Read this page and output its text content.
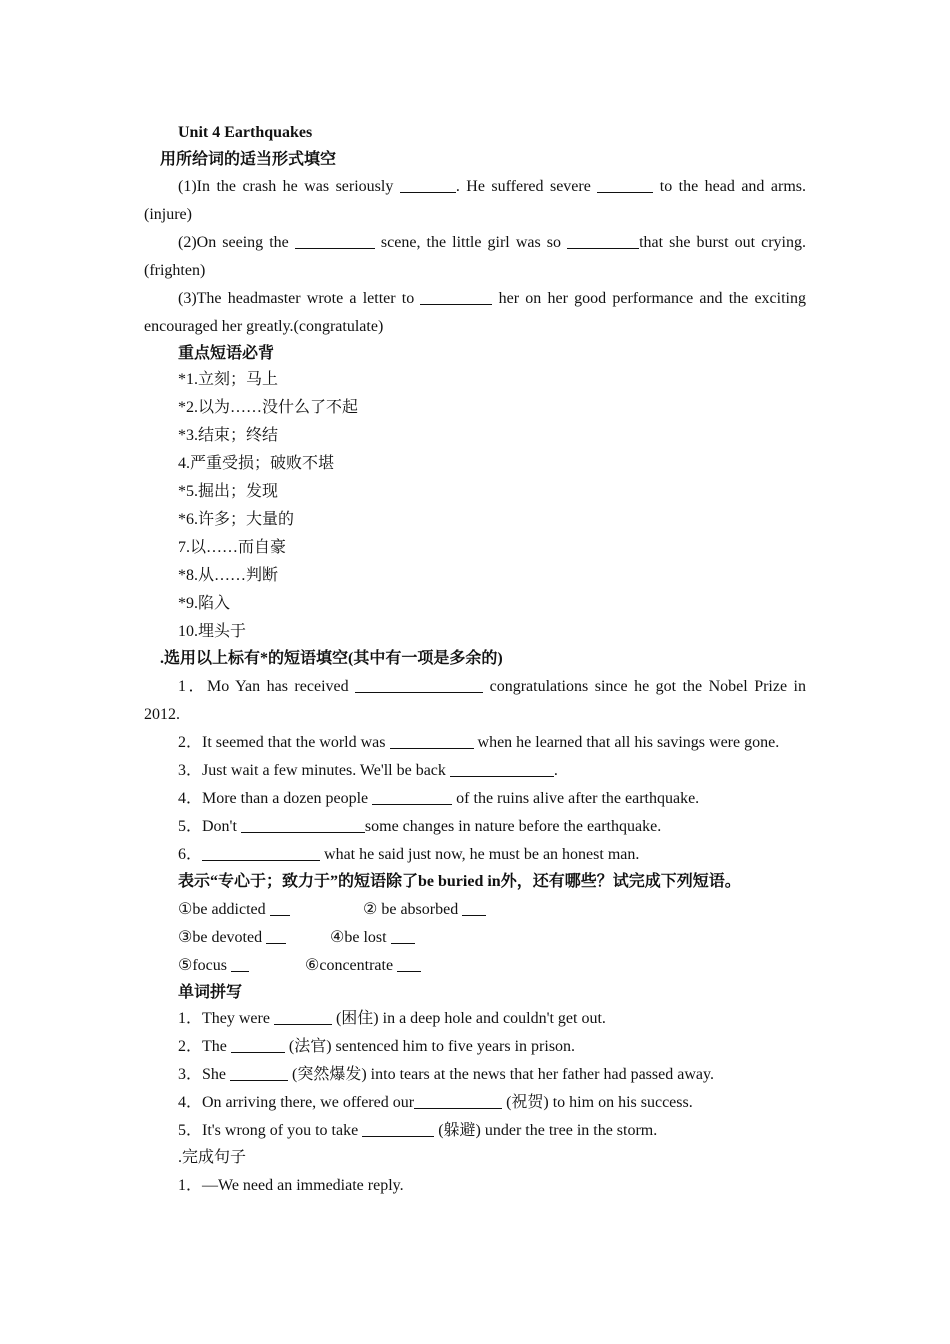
Unit 4 Earthquakes
用所给词的适当形式填空
(1)In the crash he was seriously	. He suffered severe	to the head and arms.
(injure)
(2)On seeing the	scene, the little girl was so	that she burst out crying.
(frighten)
(3)The headmaster wrote a letter to	her on her good performance and the exciting
encouraged her greatly.(congratulate)
重点短语必背
*1.立刻；马上
*2.以为……没什么了不起
*3.结束；终结
4.严重受损；破败不堪
*5.掘出；发现
*6.许多；大量的
7.以……而自豪
*8.从……判断
*9.陷入
10.埋头于
.选用以上标有*的短语填空(其中有一项是多余的)
1．Mo Yan has received	congratulations since he got the Nobel Prize in
2012.
2．It seemed that the world was	when he learned that all his savings were gone.
3．Just wait a few minutes. We'll be back	.
4．More than a dozen people	of the ruins alive after the earthquake.
5．Don't	some changes in nature before the earthquake.
6．	what he said just now, he must be an honest man.
表示“专心于；致力于”的短语除了be buried in外，还有哪些？试完成下列短语。
①be addicted	② be absorbed
③be devoted	④be lost
⑤focus	⑥concentrate
单词拼写
1．They were	(困住) in a deep hole and couldn't get out.
2．The	(法官) sentenced him to five years in prison.
3．She	(突然爆发) into tears at the news that her father had passed away.
4．On arriving there, we offered our	(祝贺) to him on his success.
5．It's wrong of you to take	(躲避) under the tree in the storm.
.完成句子
1．—We need an immediate reply.
